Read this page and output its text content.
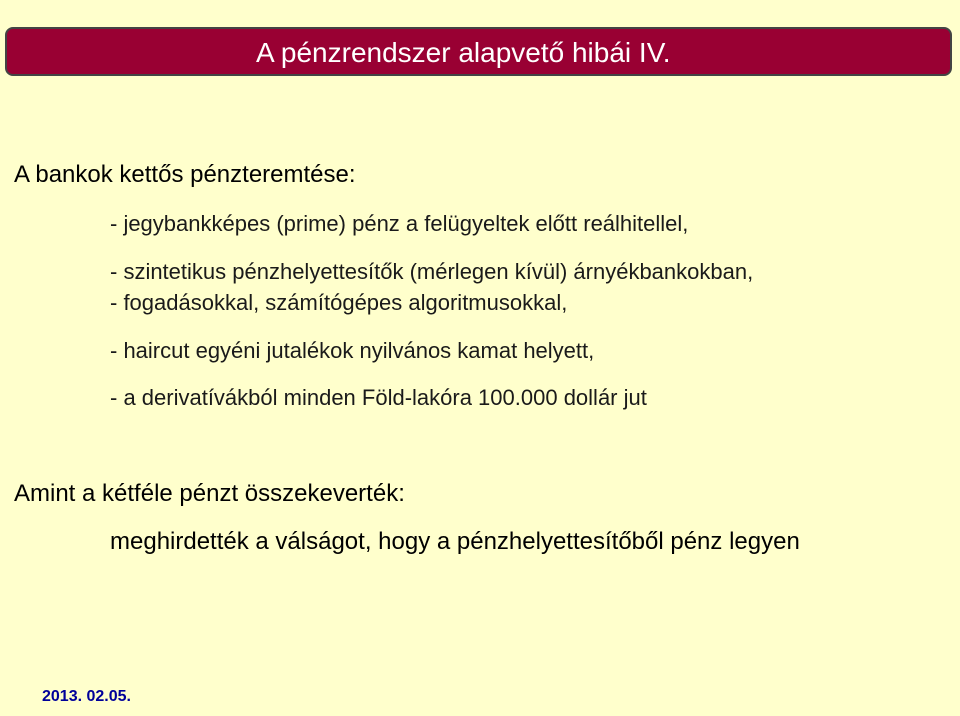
A pénzrendszer alapvető hibái IV.
A bankok kettős pénzteremtése:
- jegybankképes (prime) pénz a felügyeltek előtt reálhitellel,
- szintetikus pénzhelyettesítők (mérlegen kívül) árnyékbankokban,
- fogadásokkal, számítógépes algoritmusokkal,
- haircut egyéni jutalékok nyilvános kamat helyett,
- a derivatívákból minden Föld-lakóra 100.000 dollár jut
Amint a kétféle pénzt összekeverték:
meghirdették a válságot, hogy a pénzhelyettesítőből pénz legyen
2013. 02.05.
